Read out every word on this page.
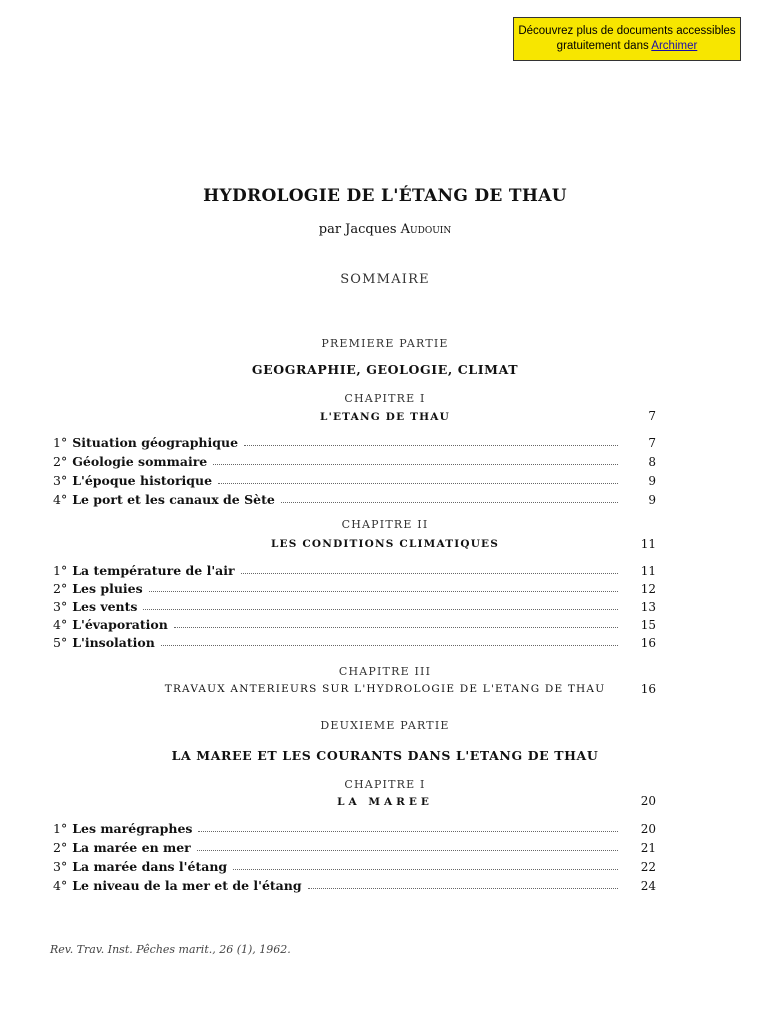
Découvrez plus de documents accessibles gratuitement dans Archimer
HYDROLOGIE DE L'ÉTANG DE THAU
par Jacques Audouin
SOMMAIRE
PREMIERE PARTIE
GEOGRAPHIE, GEOLOGIE, CLIMAT
CHAPITRE I
L'ETANG DE THAU	7
1° Situation géographique	7
2° Géologie sommaire	8
3° L'époque historique	9
4° Le port et les canaux de Sète	9
CHAPITRE II
LES CONDITIONS CLIMATIQUES	11
1° La température de l'air	11
2° Les pluies	12
3° Les vents	13
4° L'évaporation	15
5° L'insolation	16
CHAPITRE III
TRAVAUX ANTERIEURS SUR L'HYDROLOGIE DE L'ETANG DE THAU	16
DEUXIEME PARTIE
LA MAREE ET LES COURANTS DANS L'ETANG DE THAU
CHAPITRE I
LA MAREE	20
1° Les marégraphes	20
2° La marée en mer	21
3° La marée dans l'étang	22
4° Le niveau de la mer et de l'étang	24
Rev. Trav. Inst. Pêches marit., 26 (1), 1962.
